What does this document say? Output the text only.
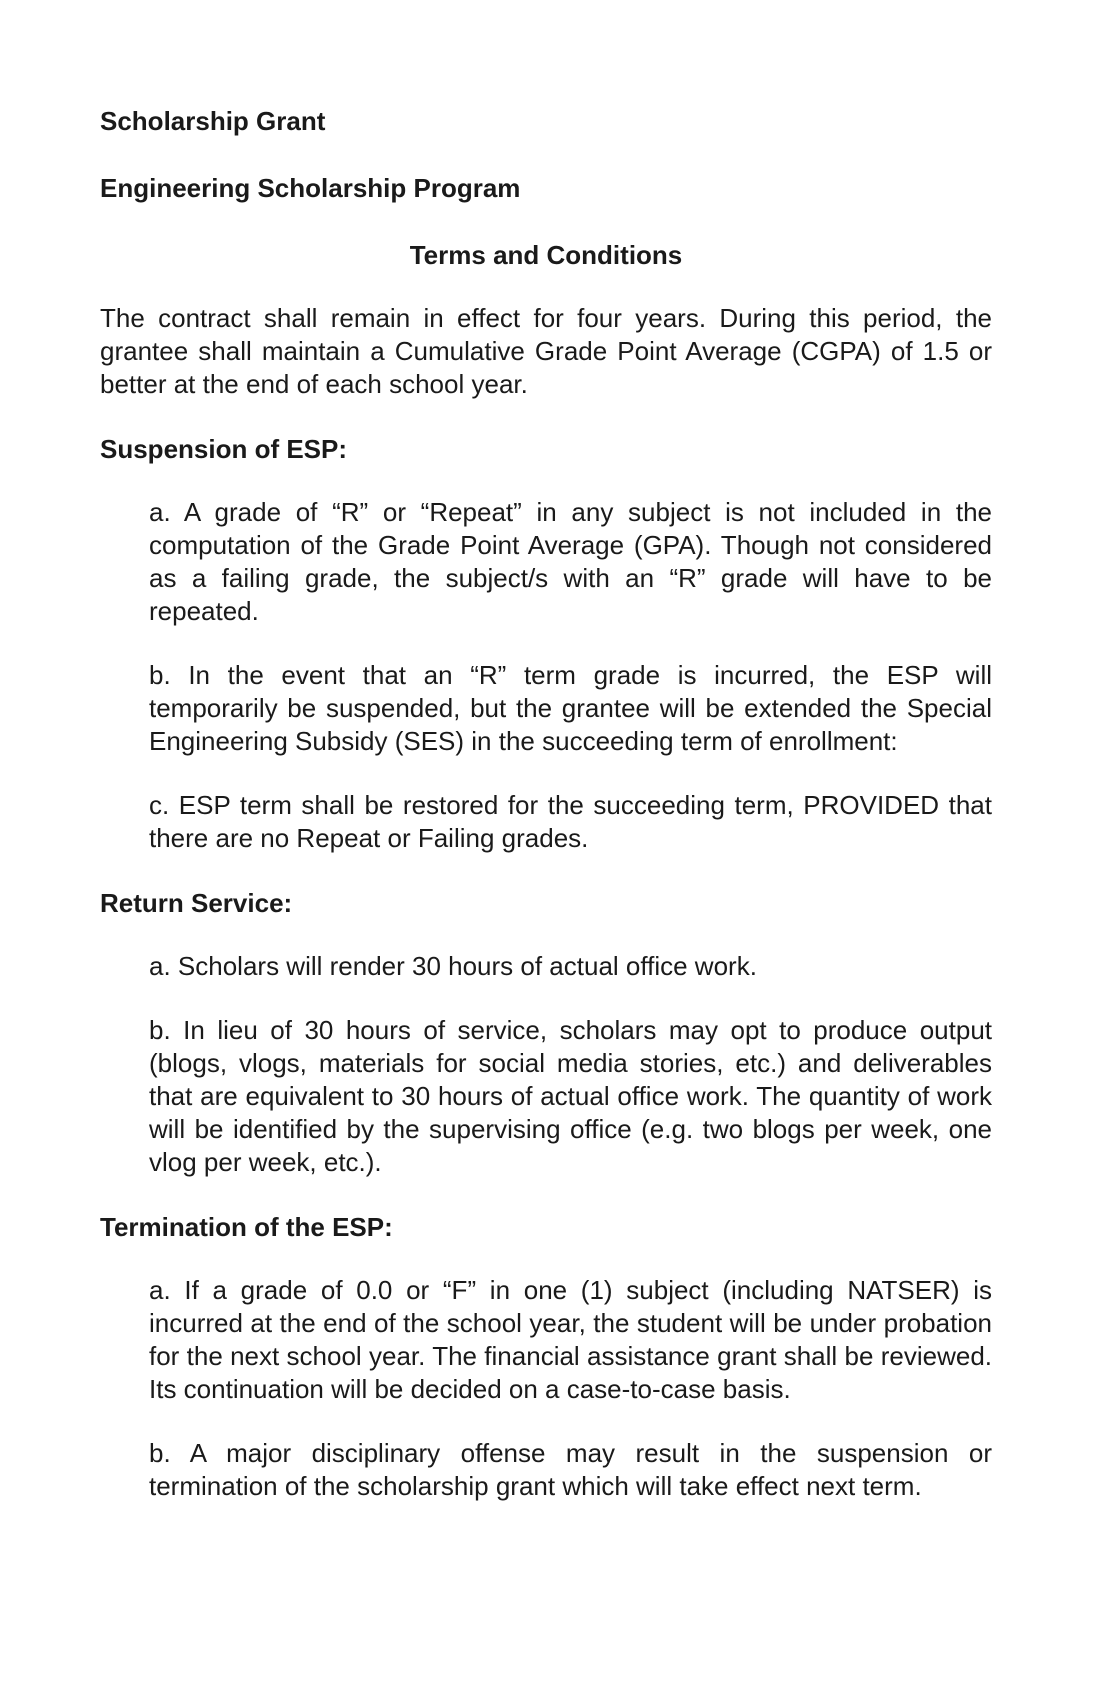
Scholarship Grant
Engineering Scholarship Program
Terms and Conditions

The contract shall remain in effect for four years. During this period, the grantee shall maintain a Cumulative Grade Point Average (CGPA) of 1.5 or better at the end of each school year.

Suspension of ESP:

a. A grade of “R” or “Repeat” in any subject is not included in the computation of the Grade Point Average (GPA). Though not considered as a failing grade, the subject/s with an “R” grade will have to be repeated.

b. In the event that an “R” term grade is incurred, the ESP will temporarily be suspended, but the grantee will be extended the Special Engineering Subsidy (SES) in the succeeding term of enrollment:

c. ESP term shall be restored for the succeeding term, PROVIDED that there are no Repeat or Failing grades.

Return Service:

a. Scholars will render 30 hours of actual office work.

b. In lieu of 30 hours of service, scholars may opt to produce output (blogs, vlogs, materials for social media stories, etc.) and deliverables that are equivalent to 30 hours of actual office work. The quantity of work will be identified by the supervising office (e.g. two blogs per week, one vlog per week, etc.).

Termination of the ESP:

a. If a grade of 0.0 or “F” in one (1) subject (including NATSER) is incurred at the end of the school year, the student will be under probation for the next school year. The financial assistance grant shall be reviewed. Its continuation will be decided on a case-to-case basis.

b. A major disciplinary offense may result in the suspension or termination of the scholarship grant which will take effect next term.
